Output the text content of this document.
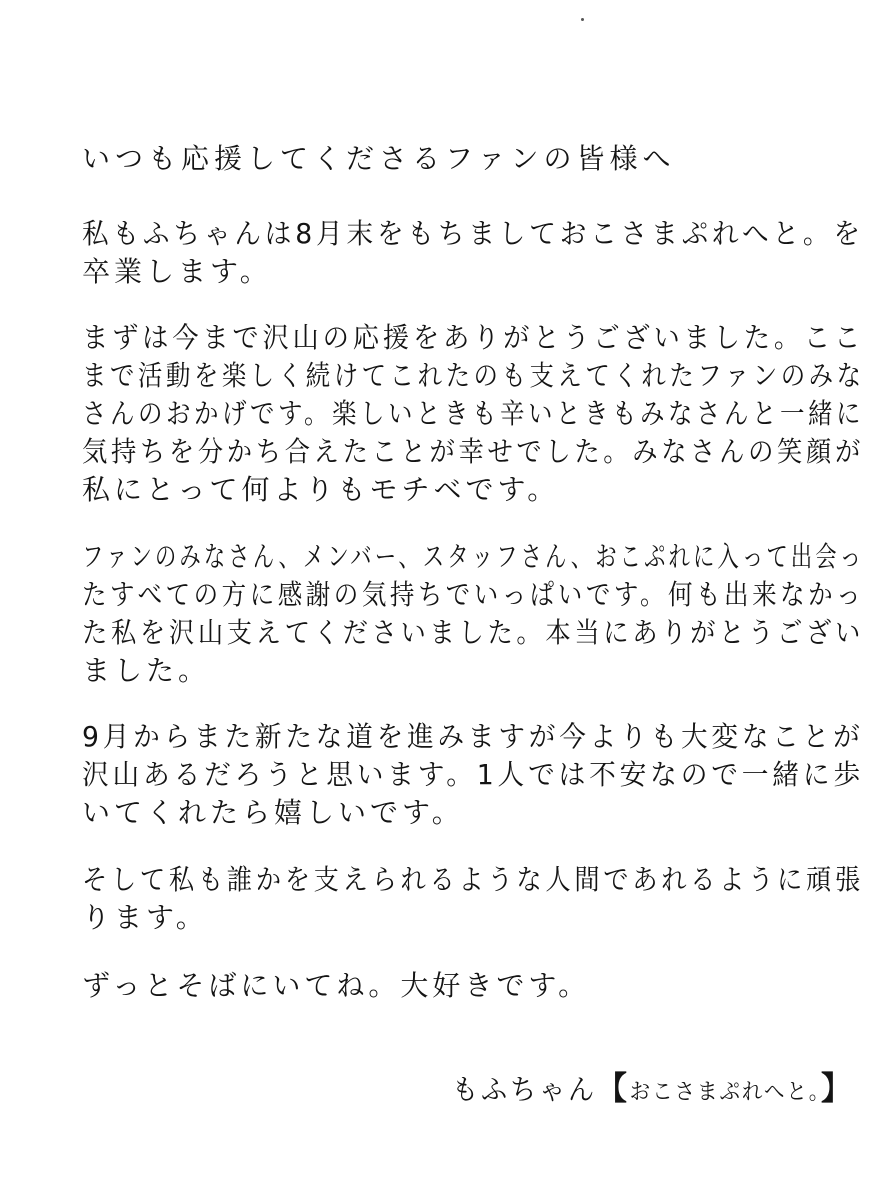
いつも応援してくださるファンの皆様へ

私もふちゃんは8月末をもちましておこさまぷれへと。を

卒業します。

まずは今まで沢山の応援をありがとうございました。ここ

まで活動を楽しく続けてこれたのも支えてくれたファンのみな

さんのおかげです。楽しいときも辛いときもみなさんと一緒に

気持ちを分かち合えたことが幸せでした。みなさんの笑顔が

私にとって何よりもモチベです。

ファンのみなさん、メンバー、スタッフさん、おこぷれに入って出会っ

たすべての方に感謝の気持ちでいっぱいです。何も出来なかっ

た私を沢山支えてくださいました。本当にありがとうござい

ました。

9月からまた新たな道を進みますが今よりも大変なことが

沢山あるだろうと思います。1人では不安なので一緒に歩

いてくれたら嬉しいです。

そして私も誰かを支えられるような人間であれるように頑張

ります。

ずっとそばにいてね。大好きです。

もふちゃん【おこさまぷれへと。】
